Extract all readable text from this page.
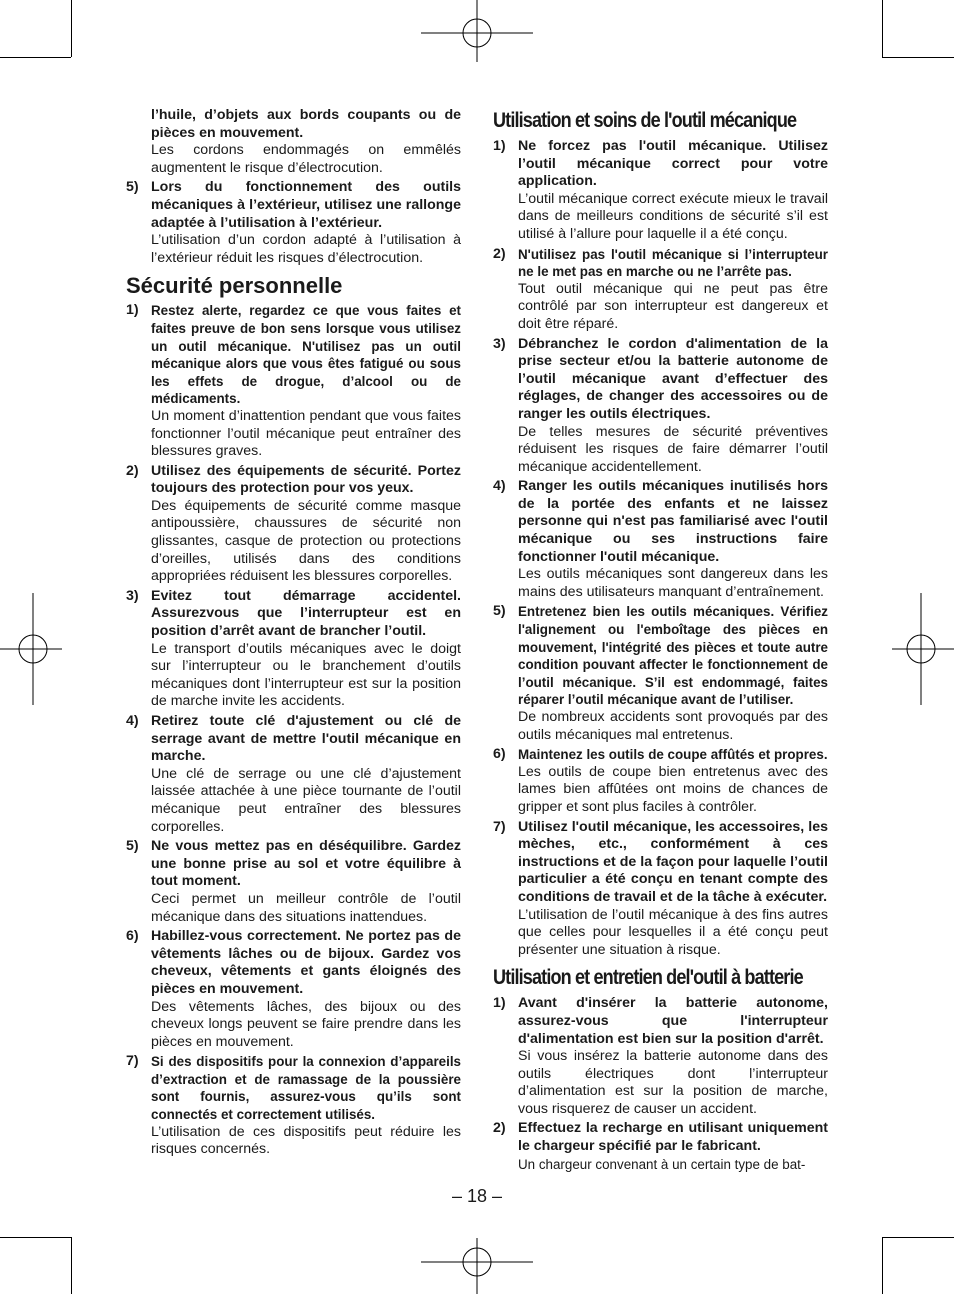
l’huile, d’objets aux bords coupants ou de pièces en mouvement.
Les cordons endommagés on emmêlés augmentent le risque d’électrocution.
5) Lors du fonctionnement des outils mécaniques à l’extérieur, utilisez une rallonge adaptée à l’utilisation à l’extérieur.
L’utilisation d’un cordon adapté à l’utilisation à l’extérieur réduit les risques d’électrocution.
Sécurité personnelle
1) Restez alerte, regardez ce que vous faites et faites preuve de bon sens lorsque vous utilisez un outil mécanique. N'utilisez pas un outil mécanique alors que vous êtes fatigué ou sous les effets de drogue, d’alcool ou de médicaments.
Un moment d’inattention pendant que vous faites fonctionner l’outil mécanique peut entraîner des blessures graves.
2) Utilisez des équipements de sécurité. Portez toujours des protection pour vos yeux.
Des équipements de sécurité comme masque antipoussière, chaussures de sécurité non glissantes, casque de protection ou protections d’oreilles, utilisés dans des conditions appropriées réduisent les blessures corporelles.
3) Evitez tout démarrage accidentel. Assurezvous que l’interrupteur est en position d’arrêt avant de brancher l’outil.
Le transport d’outils mécaniques avec le doigt sur l’interrupteur ou le branchement d’outils mécaniques dont l’interrupteur est sur la position de marche invite les accidents.
4) Retirez toute clé d'ajustement ou clé de serrage avant de mettre l'outil mécanique en marche.
Une clé de serrage ou une clé d’ajustement laissée attachée à une pièce tournante de l’outil mécanique peut entraîner des blessures corporelles.
5) Ne vous mettez pas en déséquilibre. Gardez une bonne prise au sol et votre équilibre à tout moment.
Ceci permet un meilleur contrôle de l’outil mécanique dans des situations inattendues.
6) Habillez-vous correctement. Ne portez pas de vêtements lâches ou de bijoux. Gardez vos cheveux, vêtements et gants éloignés des pièces en mouvement.
Des vêtements lâches, des bijoux ou des cheveux longs peuvent se faire prendre dans les pièces en mouvement.
7) Si des dispositifs pour la connexion d’appareils d’extraction et de ramassage de la poussière sont fournis, assurez-vous qu’ils sont connectés et correctement utilisés.
L’utilisation de ces dispositifs peut réduire les risques concernés.
Utilisation et soins de l'outil mécanique
1) Ne forcez pas l'outil mécanique. Utilisez l’outil mécanique correct pour votre application.
L’outil mécanique correct exécute mieux le travail dans de meilleurs conditions de sécurité s’il est utilisé à l’allure pour laquelle il a été conçu.
2) N'utilisez pas l'outil mécanique si l’interrupteur ne le met pas en marche ou ne l’arrête pas.
Tout outil mécanique qui ne peut pas être contrôlé par son interrupteur est dangereux et doit être réparé.
3) Débranchez le cordon d'alimentation de la prise secteur et/ou la batterie autonome de l’outil mécanique avant d’effectuer des réglages, de changer des accessoires ou de ranger les outils électriques.
De telles mesures de sécurité préventives réduisent les risques de faire démarrer l’outil mécanique accidentellement.
4) Ranger les outils mécaniques inutilisés hors de la portée des enfants et ne laissez personne qui n'est pas familiarisé avec l'outil mécanique ou ses instructions faire fonctionner l'outil mécanique.
Les outils mécaniques sont dangereux dans les mains des utilisateurs manquant d’entraînement.
5) Entretenez bien les outils mécaniques. Vérifiez l'alignement ou l'emboîtage des pièces en mouvement, l'intégrité des pièces et toute autre condition pouvant affecter le fonctionnement de l’outil mécanique. S’il est endommagé, faites réparer l’outil mécanique avant de l’utiliser.
De nombreux accidents sont provoqués par des outils mécaniques mal entretenus.
6) Maintenez les outils de coupe affûtés et propres.
Les outils de coupe bien entretenus avec des lames bien affûtées ont moins de chances de gripper et sont plus faciles à contrôler.
7) Utilisez l'outil mécanique, les accessoires, les mèches, etc., conformément à ces instructions et de la façon pour laquelle l’outil particulier a été conçu en tenant compte des conditions de travail et de la tâche à exécuter.
L’utilisation de l’outil mécanique à des fins autres que celles pour lesquelles il a été conçu peut présenter une situation à risque.
Utilisation et entretien del'outil à batterie
1) Avant d'insérer la batterie autonome, assurez-vous que l'interrupteur d'alimentation est bien sur la position d'arrêt.
Si vous insérez la batterie autonome dans des outils électriques dont l’interrupteur d’alimentation est sur la position de marche, vous risquerez de causer un accident.
2) Effectuez la recharge en utilisant uniquement le chargeur spécifié par le fabricant.
Un chargeur convenant à un certain type de bat-
– 18 –
